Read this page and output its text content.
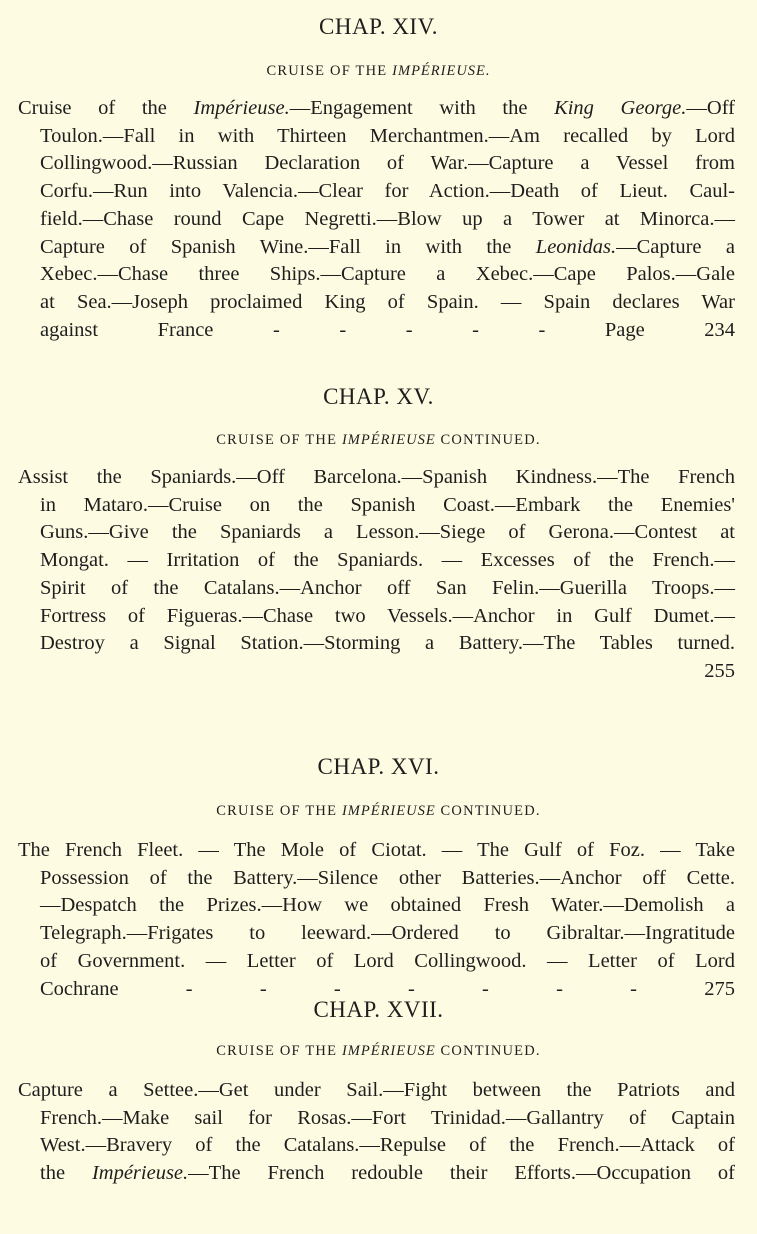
CHAP. XIV.
CRUISE OF THE IMPÉRIEUSE.
Cruise of the Impérieuse.—Engagement with the King George.—Off
Toulon.—Fall in with Thirteen Merchantmen.—Am recalled by Lord
Collingwood.—Russian Declaration of War.—Capture a Vessel from
Corfu.—Run into Valencia.—Clear for Action.—Death of Lieut. Caul-
field.—Chase round Cape Negretti.—Blow up a Tower at Minorca.—
Capture of Spanish Wine.—Fall in with the Leonidas.—Capture a
Xebec.—Chase three Ships.—Capture a Xebec.—Cape Palos.—Gale
at Sea.—Joseph proclaimed King of Spain. — Spain declares War
against France - - - - - Page 234
CHAP. XV.
CRUISE OF THE IMPÉRIEUSE CONTINUED.
Assist the Spaniards.—Off Barcelona.—Spanish Kindness.—The French
in Mataro.—Cruise on the Spanish Coast.—Embark the Enemies'
Guns.—Give the Spaniards a Lesson.—Siege of Gerona.—Contest at
Mongat. — Irritation of the Spaniards. — Excesses of the French.—
Spirit of the Catalans.—Anchor off San Felin.—Guerilla Troops.—
Fortress of Figueras.—Chase two Vessels.—Anchor in Gulf Dumet.—
Destroy a Signal Station.—Storming a Battery.—The Tables turned.
255
CHAP. XVI.
CRUISE OF THE IMPÉRIEUSE CONTINUED.
The French Fleet. — The Mole of Ciotat. — The Gulf of Foz. — Take
Possession of the Battery.—Silence other Batteries.—Anchor off Cette.
—Despatch the Prizes.—How we obtained Fresh Water.—Demolish a
Telegraph.—Frigates to leeward.—Ordered to Gibraltar.—Ingratitude
of Government. — Letter of Lord Collingwood. — Letter of Lord
Cochrane - - - - - - - 275
CHAP. XVII.
CRUISE OF THE IMPÉRIEUSE CONTINUED.
Capture a Settee.—Get under Sail.—Fight between the Patriots and
French.—Make sail for Rosas.—Fort Trinidad.—Gallantry of Captain
West.—Bravery of the Catalans.—Repulse of the French.—Attack of
the Impérieuse.—The French redouble their Efforts.—Occupation of
